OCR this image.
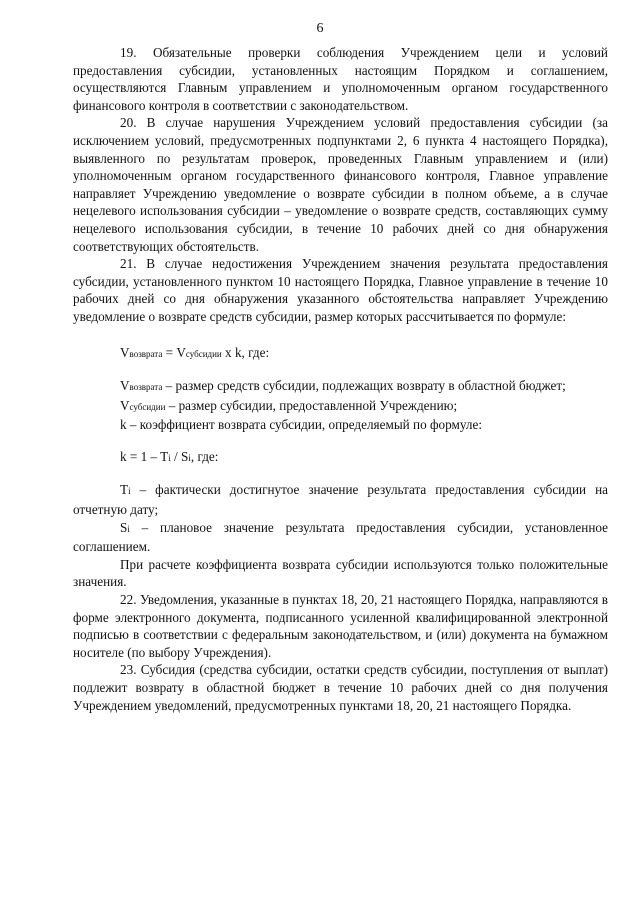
6

19. Обязательные проверки соблюдения Учреждением цели и условий предоставления субсидии, установленных настоящим Порядком и соглашением, осуществляются Главным управлением и уполномоченным органом государственного финансового контроля в соответствии с законодательством.

20. В случае нарушения Учреждением условий предоставления субсидии (за исключением условий, предусмотренных подпунктами 2, 6 пункта 4 настоящего Порядка), выявленного по результатам проверок, проведенных Главным управлением и (или) уполномоченным органом государственного финансового контроля, Главное управление направляет Учреждению уведомление о возврате субсидии в полном объеме, а в случае нецелевого использования субсидии – уведомление о возврате средств, составляющих сумму нецелевого использования субсидии, в течение 10 рабочих дней со дня обнаружения соответствующих обстоятельств.

21. В случае недостижения Учреждением значения результата предоставления субсидии, установленного пунктом 10 настоящего Порядка, Главное управление в течение 10 рабочих дней со дня обнаружения указанного обстоятельства направляет Учреждению уведомление о возврате средств субсидии, размер которых рассчитывается по формуле:

Vвозврата = Vсубсидии x k, где:

Vвозврата – размер средств субсидии, подлежащих возврату в областной бюджет;

Vсубсидии – размер субсидии, предоставленной Учреждению;

k – коэффициент возврата субсидии, определяемый по формуле:

k = 1 – Ti / Si, где:

Ti – фактически достигнутое значение результата предоставления субсидии на отчетную дату;

Si – плановое значение результата предоставления субсидии, установленное соглашением.

При расчете коэффициента возврата субсидии используются только положительные значения.

22. Уведомления, указанные в пунктах 18, 20, 21 настоящего Порядка, направляются в форме электронного документа, подписанного усиленной квалифицированной электронной подписью в соответствии с федеральным законодательством, и (или) документа на бумажном носителе (по выбору Учреждения).

23. Субсидия (средства субсидии, остатки средств субсидии, поступления от выплат) подлежит возврату в областной бюджет в течение 10 рабочих дней со дня получения Учреждением уведомлений, предусмотренных пунктами 18, 20, 21 настоящего Порядка.
